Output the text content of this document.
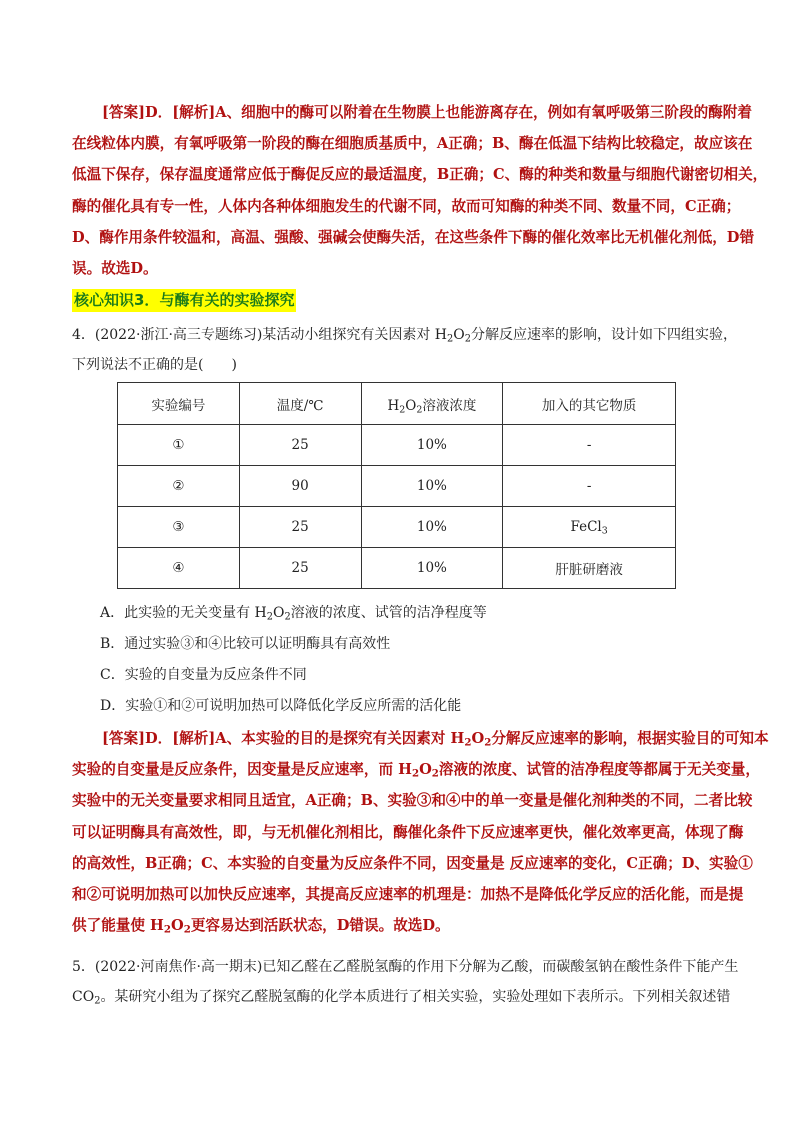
[答案]D．[解析]A、细胞中的酶可以附着在生物膜上也能游离存在，例如有氧呼吸第三阶段的酶附着

在线粒体内膜，有氧呼吸第一阶段的酶在细胞质基质中，A正确；B、酶在低温下结构比较稳定，故应该在

低温下保存，保存温度通常应低于酶促反应的最适温度，B正确；C、酶的种类和数量与细胞代谢密切相关，

酶的催化具有专一性，人体内各种体细胞发生的代谢不同，故而可知酶的种类不同、数量不同，C正确；

D、酶作用条件较温和，高温、强酸、强碱会使酶失活，在这些条件下酶的催化效率比无机催化剂低，D错

误。故选D。

核心知识3．与酶有关的实验探究

4．(2022·浙江·高三专题练习)某活动小组探究有关因素对 $H_2O_2$分解反应速率的影响，设计如下四组实验，

下列说法不正确的是(　　)

实验编号	温度/℃	$H_2O_2$溶液浓度	加入的其它物质
①	25	10%	-
②	90	10%	-
③	25	10%	FeCl$_3$
④	25	10%	肝脏研磨液

A．此实验的无关变量有 $H_2O_2$溶液的浓度、试管的洁净程度等

B．通过实验③和④比较可以证明酶具有高效性

C．实验的自变量为反应条件不同

D．实验①和②可说明加热可以降低化学反应所需的活化能

[答案]D．[解析]A、本实验的目的是探究有关因素对 $H_2O_2$分解反应速率的影响，根据实验目的可知本

实验的自变量是反应条件，因变量是反应速率，而 $H_2O_2$溶液的浓度、试管的洁净程度等都属于无关变量，

实验中的无关变量要求相同且适宜，A正确；B、实验③和④中的单一变量是催化剂种类的不同，二者比较

可以证明酶具有高效性，即，与无机催化剂相比，酶催化条件下反应速率更快，催化效率更高，体现了酶

的高效性，B正确；C、本实验的自变量为反应条件不同，因变量是 反应速率的变化，C正确；D、实验①

和②可说明加热可以加快反应速率，其提高反应速率的机理是：加热不是降低化学反应的活化能，而是提

供了能量使 $H_2O_2$更容易达到活跃状态，D错误。故选D。

5．(2022·河南焦作·高一期末)已知乙醛在乙醛脱氢酶的作用下分解为乙酸，而碳酸氢钠在酸性条件下能产生

$CO_2$。某研究小组为了探究乙醛脱氢酶的化学本质进行了相关实验，实验处理如下表所示。下列相关叙述错
